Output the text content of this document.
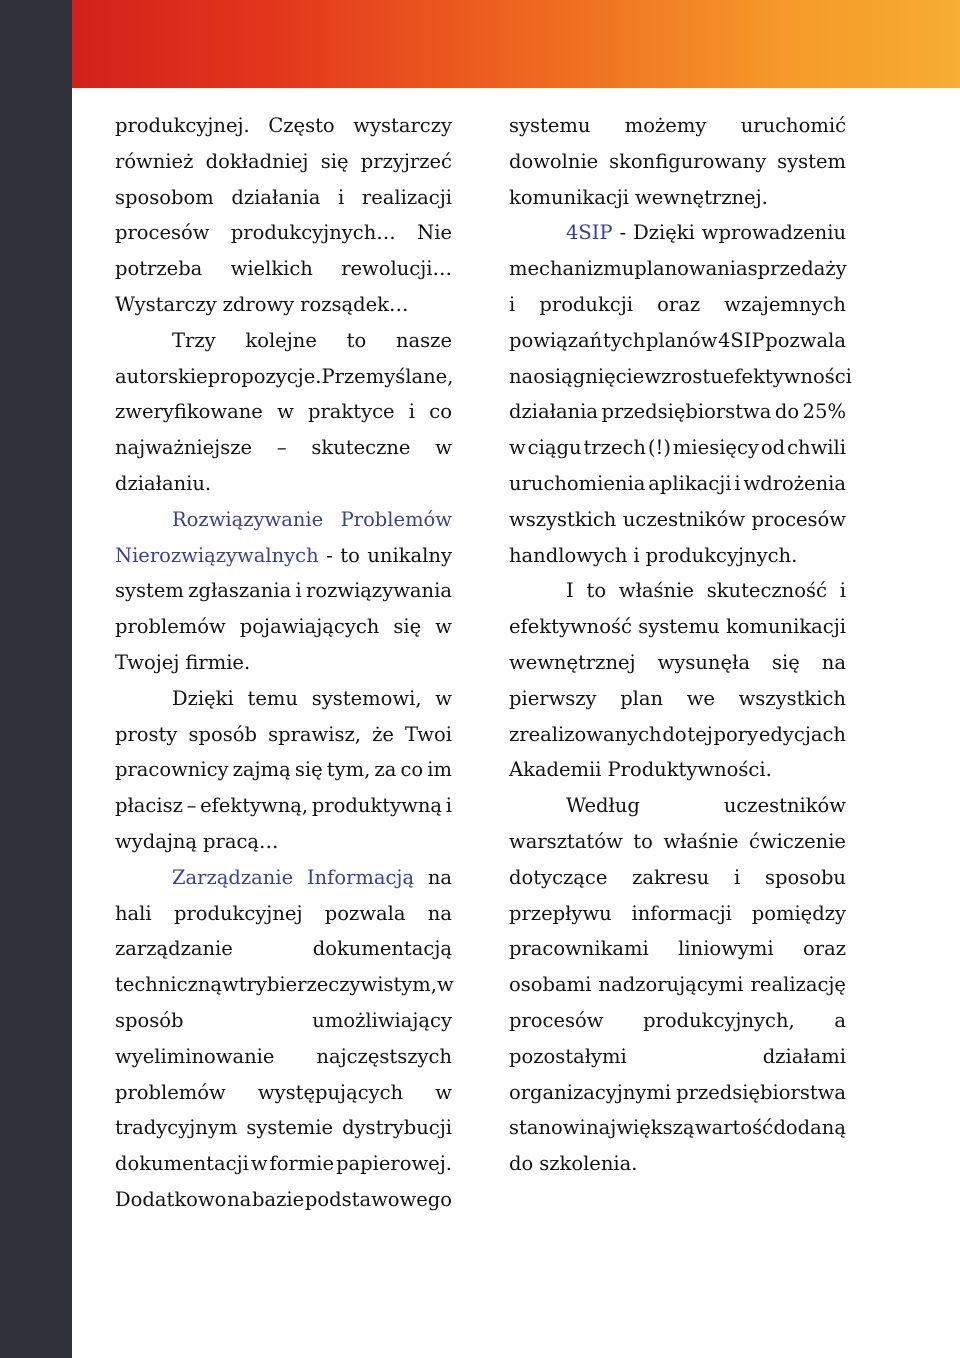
produkcyjnej. Często wystarczy
również dokładniej się przyjrzeć
sposobom działania i realizacji
procesów produkcyjnych… Nie
potrzeba wielkich rewolucji…
Wystarczy zdrowy rozsądek…
Trzy kolejne to nasze
autorskie propozycje. Przemyślane,
zweryfikowane w praktyce i co
najważniejsze – skuteczne w
działaniu.
Rozwiązywanie Problemów
Nierozwiązywalnych - to unikalny
system zgłaszania i rozwiązywania
problemów pojawiających się w
Twojej firmie.
Dzięki temu systemowi, w
prosty sposób sprawisz, że Twoi
pracownicy zajmą się tym, za co im
płacisz – efektywną, produktywną i
wydajną pracą…
Zarządzanie Informacją na
hali produkcyjnej pozwala na
zarządzanie	dokumentacją
techniczną w trybie rzeczywistym, w
sposób	umożliwiający
wyeliminowanie najczęstszych
problemów występujących w
tradycyjnym systemie dystrybucji
dokumentacji w formie papierowej.
Dodatkowo na bazie podstawowego
systemu możemy uruchomić
dowolnie skonfigurowany system
komunikacji wewnętrznej.
4SIP - Dzięki wprowadzeniu
mechanizmu planowania sprzedaży
i produkcji oraz wzajemnych
powiązań tych planów 4SIP pozwala
na osiągnięcie wzrostu efektywności
działania przedsiębiorstwa do 25%
w ciągu trzech (!) miesięcy od chwili
uruchomienia aplikacji i wdrożenia
wszystkich uczestników procesów
handlowych i produkcyjnych.
I to właśnie skuteczność i
efektywność systemu komunikacji
wewnętrznej wysunęła się na
pierwszy plan we wszystkich
zrealizowanych do tej pory edycjach
Akademii Produktywności.
Według	uczestników
warsztatów to właśnie ćwiczenie
dotyczące zakresu i sposobu
przepływu informacji pomiędzy
pracownikami liniowymi oraz
osobami nadzorującymi realizację
procesów produkcyjnych, a
pozostałymi	działami
organizacyjnymi przedsiębiorstwa
stanowi największą wartość dodaną
do szkolenia.
